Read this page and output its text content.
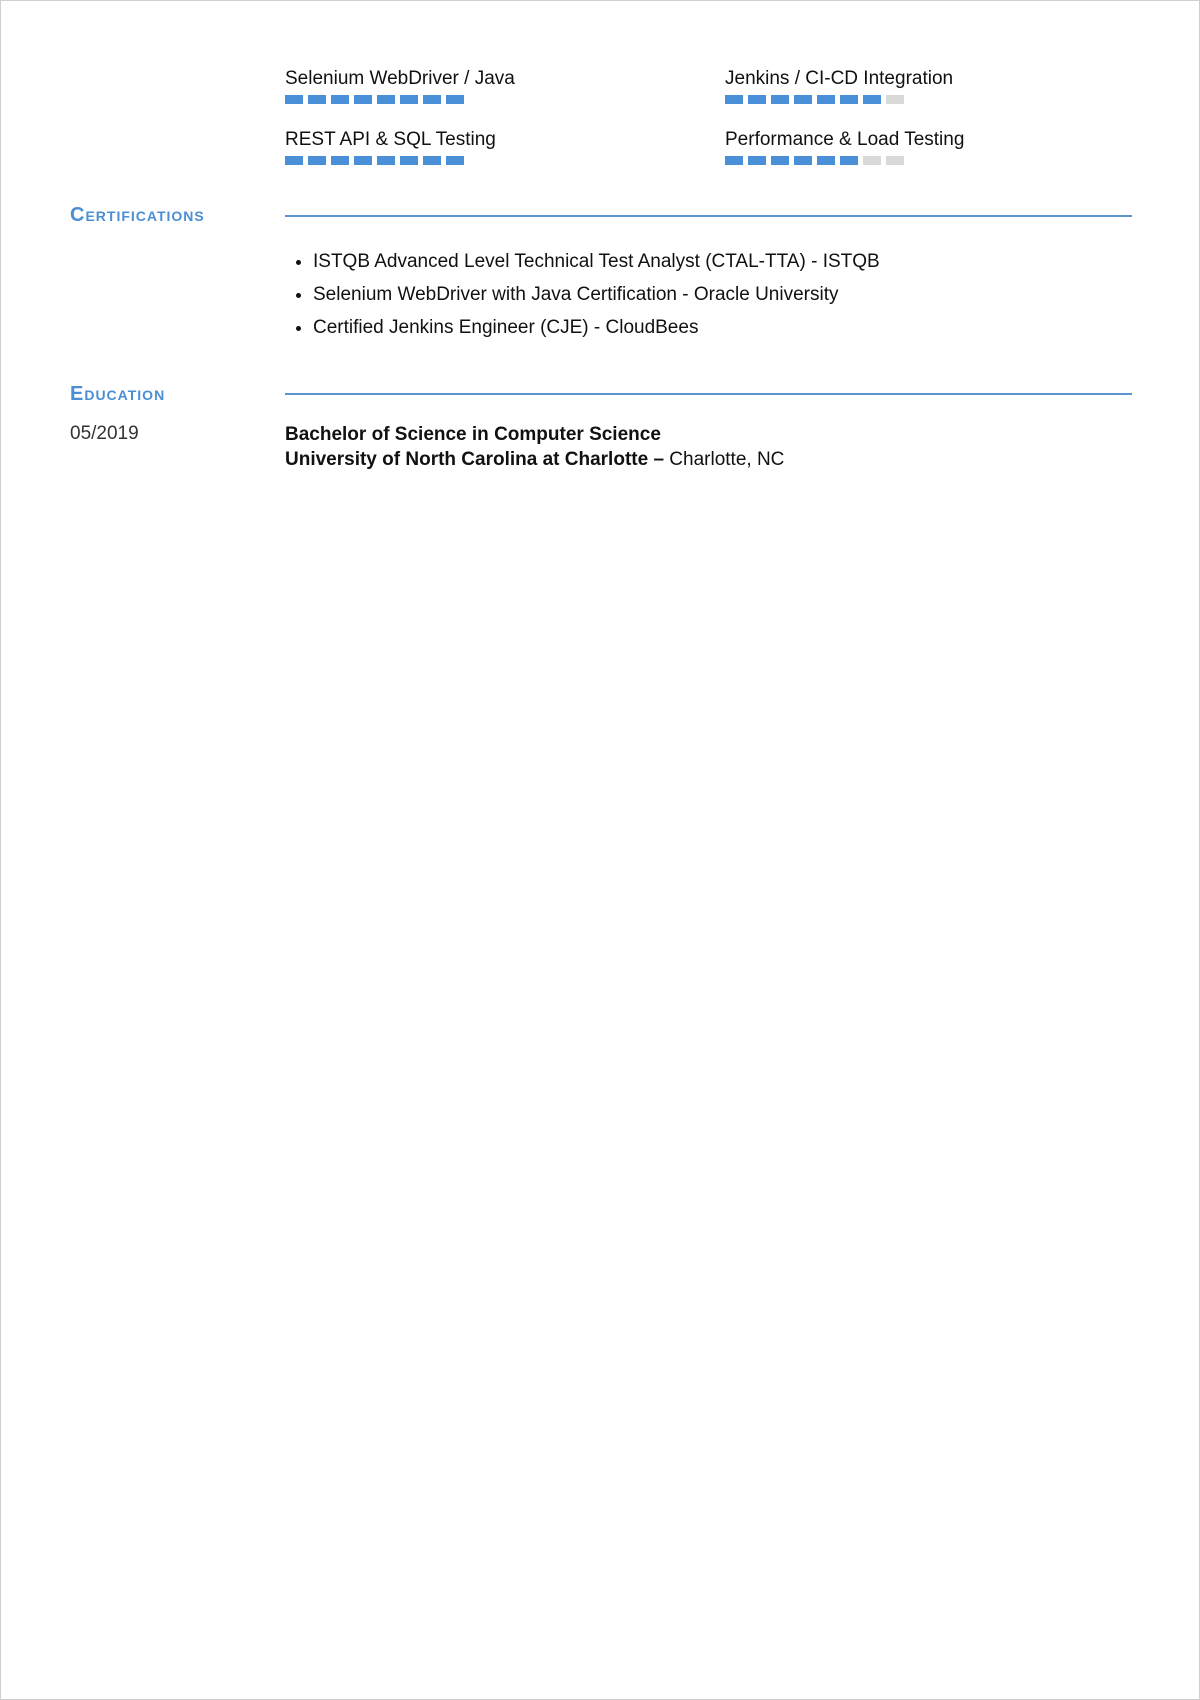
Selenium WebDriver / Java	Jenkins / CI-CD Integration
REST API & SQL Testing	Performance & Load Testing
Certifications
• ISTQB Advanced Level Technical Test Analyst (CTAL-TTA) - ISTQB
• Selenium WebDriver with Java Certification - Oracle University
• Certified Jenkins Engineer (CJE) - CloudBees
Education
05/2019	Bachelor of Science in Computer Science
University of North Carolina at Charlotte – Charlotte, NC
